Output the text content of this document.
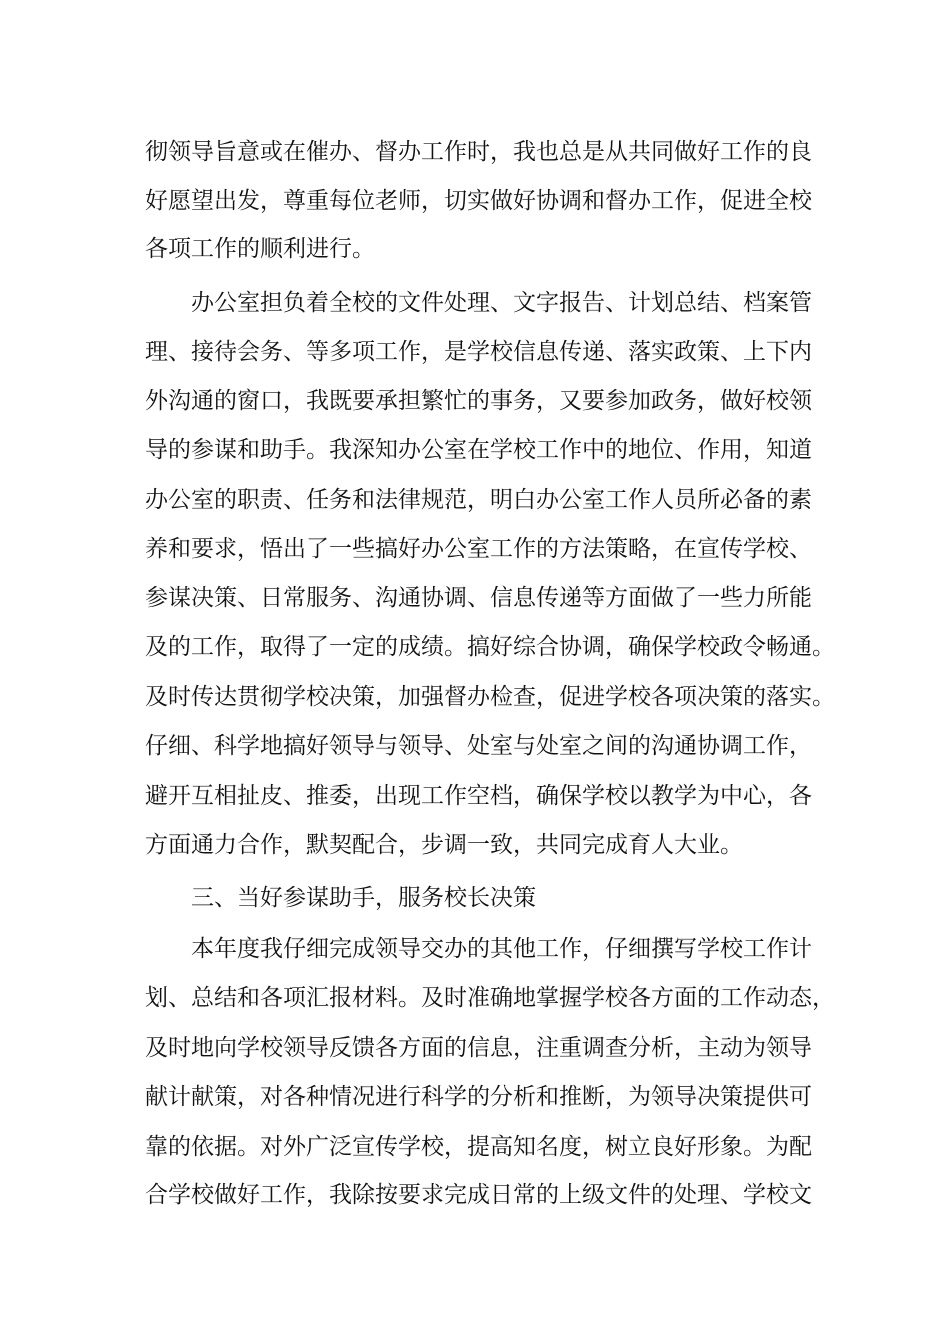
彻领导旨意或在催办、督办工作时，我也总是从共同做好工作的良
好愿望出发，尊重每位老师，切实做好协调和督办工作，促进全校
各项工作的顺利进行。
办公室担负着全校的文件处理、文字报告、计划总结、档案管
理、接待会务、等多项工作，是学校信息传递、落实政策、上下内
外沟通的窗口，我既要承担繁忙的事务，又要参加政务，做好校领
导的参谋和助手。我深知办公室在学校工作中的地位、作用，知道
办公室的职责、任务和法律规范，明白办公室工作人员所必备的素
养和要求，悟出了一些搞好办公室工作的方法策略，在宣传学校、
参谋决策、日常服务、沟通协调、信息传递等方面做了一些力所能
及的工作，取得了一定的成绩。搞好综合协调，确保学校政令畅通。
及时传达贯彻学校决策，加强督办检查，促进学校各项决策的落实。
仔细、科学地搞好领导与领导、处室与处室之间的沟通协调工作，
避开互相扯皮、推委，出现工作空档，确保学校以教学为中心，各
方面通力合作，默契配合，步调一致，共同完成育人大业。
三、当好参谋助手，服务校长决策
本年度我仔细完成领导交办的其他工作，仔细撰写学校工作计
划、总结和各项汇报材料。及时准确地掌握学校各方面的工作动态，
及时地向学校领导反馈各方面的信息，注重调查分析，主动为领导
献计献策，对各种情况进行科学的分析和推断，为领导决策提供可
靠的依据。对外广泛宣传学校，提高知名度，树立良好形象。为配
合学校做好工作，我除按要求完成日常的上级文件的处理、学校文
